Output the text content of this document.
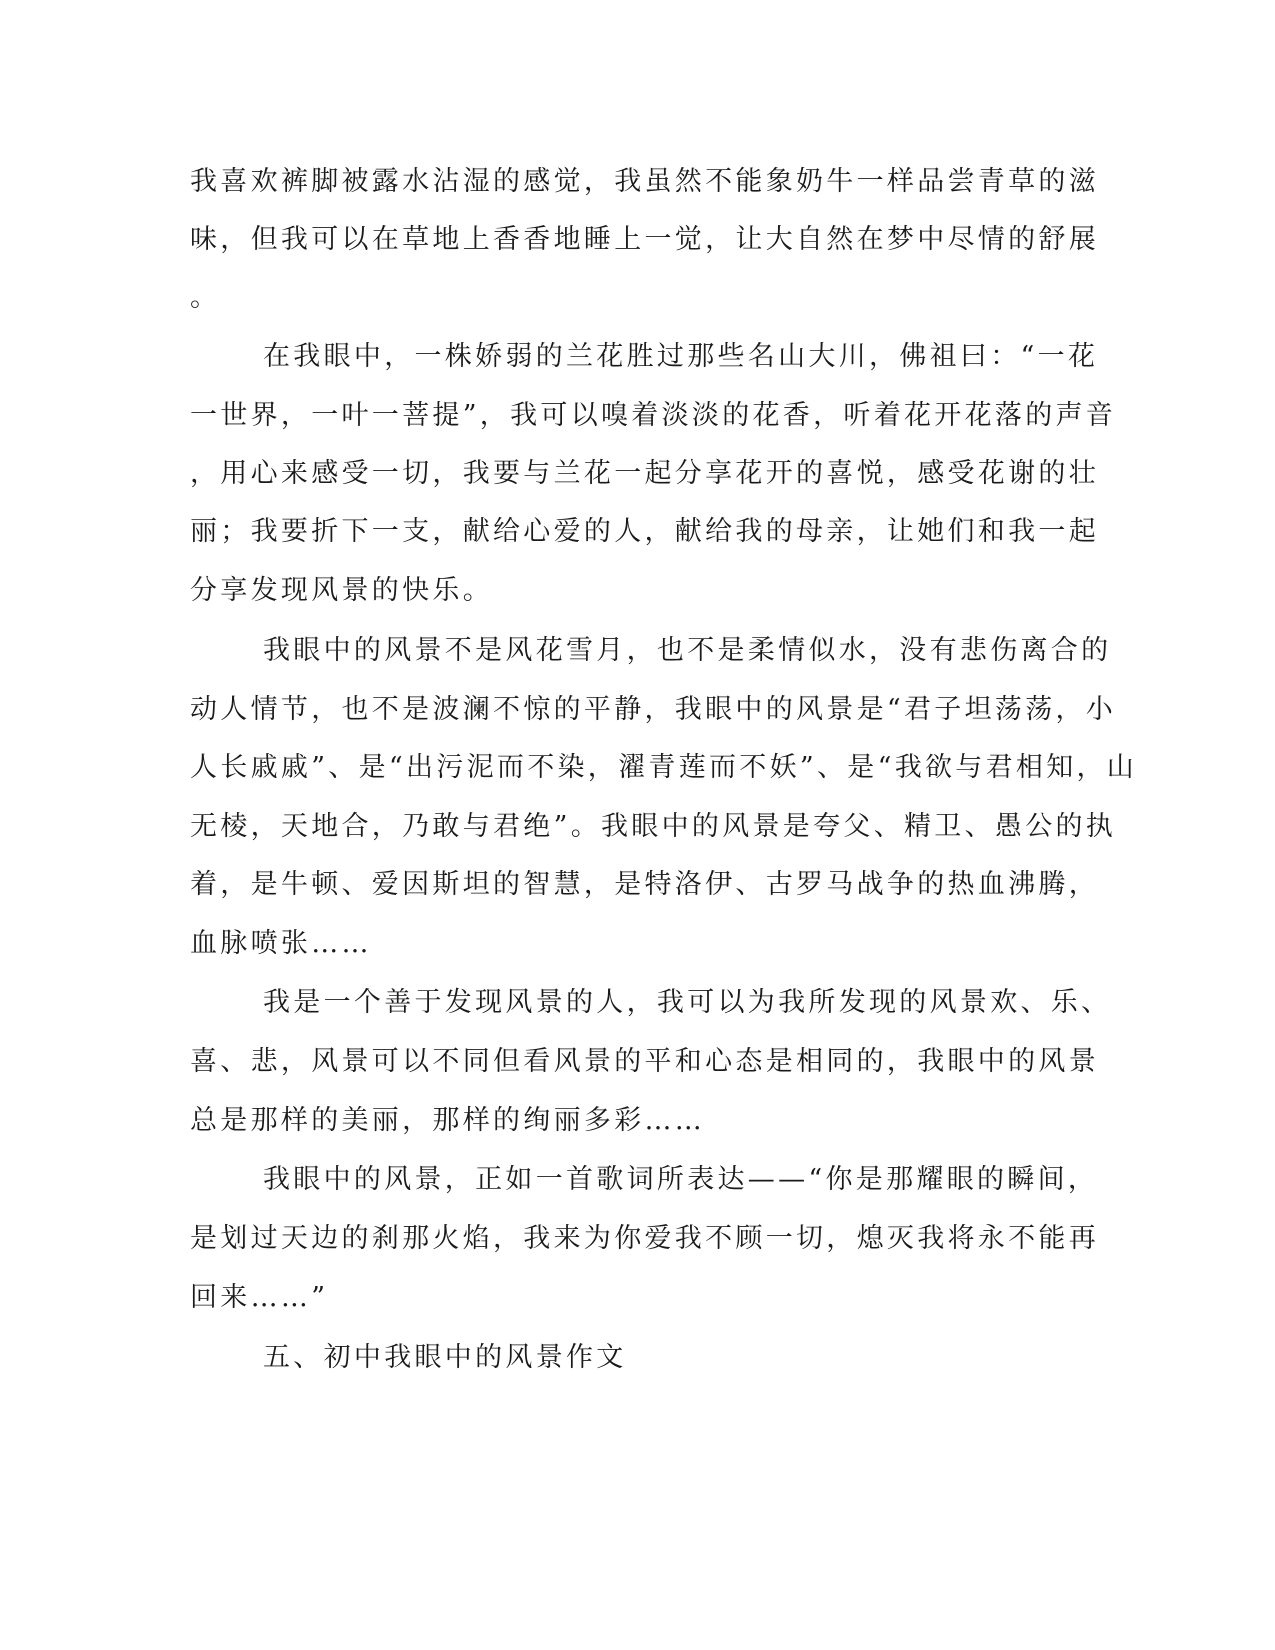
我喜欢裤脚被露水沾湿的感觉，我虽然不能象奶牛一样品尝青草的滋
味，但我可以在草地上香香地睡上一觉，让大自然在梦中尽情的舒展
。
在我眼中，一株娇弱的兰花胜过那些名山大川，佛祖曰：“一花
一世界，一叶一菩提”，我可以嗅着淡淡的花香，听着花开花落的声音
，用心来感受一切，我要与兰花一起分享花开的喜悦，感受花谢的壮
丽；我要折下一支，献给心爱的人，献给我的母亲，让她们和我一起
分享发现风景的快乐。
我眼中的风景不是风花雪月，也不是柔情似水，没有悲伤离合的
动人情节，也不是波澜不惊的平静，我眼中的风景是“君子坦荡荡，小
人长戚戚”、是“出污泥而不染，濯青莲而不妖”、是“我欲与君相知，山
无棱，天地合，乃敢与君绝”。我眼中的风景是夸父、精卫、愚公的执
着，是牛顿、爱因斯坦的智慧，是特洛伊、古罗马战争的热血沸腾，
血脉喷张……
我是一个善于发现风景的人，我可以为我所发现的风景欢、乐、
喜、悲，风景可以不同但看风景的平和心态是相同的，我眼中的风景
总是那样的美丽，那样的绚丽多彩……
我眼中的风景，正如一首歌词所表达——“你是那耀眼的瞬间，
是划过天边的刹那火焰，我来为你爱我不顾一切，熄灭我将永不能再
回来……”
五、初中我眼中的风景作文
